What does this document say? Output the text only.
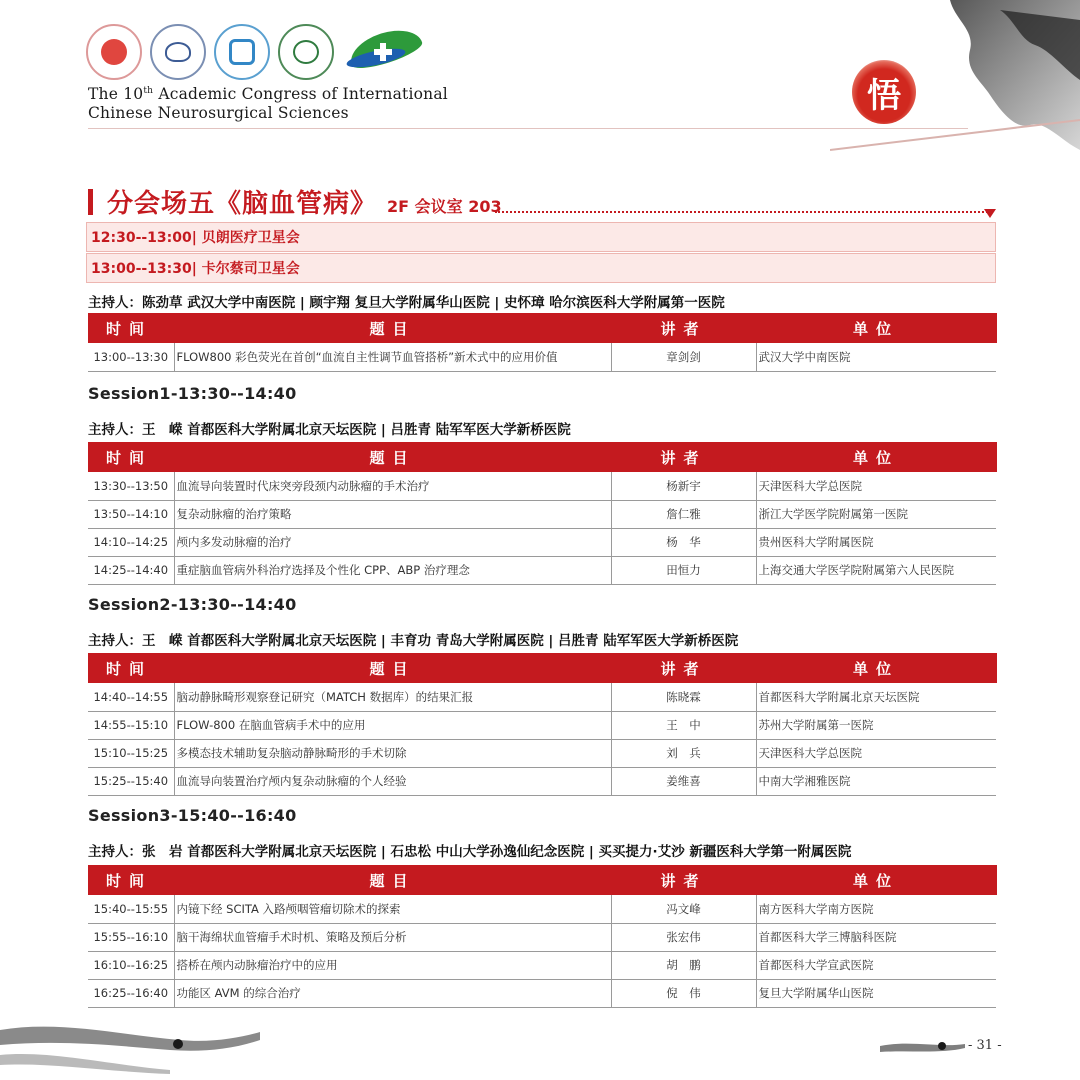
The 10th Academic Congress of International
Chinese Neurosurgical Sciences	悟
分会场五《脑血管病》 2F 会议室 203
12:30--13:00| 贝朗医疗卫星会
13:00--13:30| 卡尔蔡司卫星会
主持人：陈劲草 武汉大学中南医院 | 顾宇翔 复旦大学附属华山医院 | 史怀璋 哈尔滨医科大学附属第一医院
时间	题目	讲者	单位
13:00--13:30	FLOW800 彩色荧光在首创“血流自主性调节血管搭桥”新术式中的应用价值	章剑剑	武汉大学中南医院
Session1-13:30--14:40
主持人：王　嵘 首都医科大学附属北京天坛医院 | 吕胜青 陆军军医大学新桥医院
时间	题目	讲者	单位
13:30--13:50	血流导向装置时代床突旁段颈内动脉瘤的手术治疗	杨新宇	天津医科大学总医院
13:50--14:10	复杂动脉瘤的治疗策略	詹仁雅	浙江大学医学院附属第一医院
14:10--14:25	颅内多发动脉瘤的治疗	杨　华	贵州医科大学附属医院
14:25--14:40	重症脑血管病外科治疗选择及个性化 CPP、ABP 治疗理念	田恒力	上海交通大学医学院附属第六人民医院
Session2-13:30--14:40
主持人：王　嵘 首都医科大学附属北京天坛医院 | 丰育功 青岛大学附属医院 | 吕胜青 陆军军医大学新桥医院
时间	题目	讲者	单位
14:40--14:55	脑动静脉畸形观察登记研究（MATCH 数据库）的结果汇报	陈晓霖	首都医科大学附属北京天坛医院
14:55--15:10	FLOW-800 在脑血管病手术中的应用	王　中	苏州大学附属第一医院
15:10--15:25	多模态技术辅助复杂脑动静脉畸形的手术切除	刘　兵	天津医科大学总医院
15:25--15:40	血流导向装置治疗颅内复杂动脉瘤的个人经验	姜维喜	中南大学湘雅医院
Session3-15:40--16:40
主持人：张　岩 首都医科大学附属北京天坛医院 | 石忠松 中山大学孙逸仙纪念医院 | 买买提力·艾沙 新疆医科大学第一附属医院
时间	题目	讲者	单位
15:40--15:55	内镜下经 SCITA 入路颅咽管瘤切除术的探索	冯文峰	南方医科大学南方医院
15:55--16:10	脑干海绵状血管瘤手术时机、策略及预后分析	张宏伟	首都医科大学三博脑科医院
16:10--16:25	搭桥在颅内动脉瘤治疗中的应用	胡　鹏	首都医科大学宣武医院
16:25--16:40	功能区 AVM 的综合治疗	倪　伟	复旦大学附属华山医院
- 31 -
